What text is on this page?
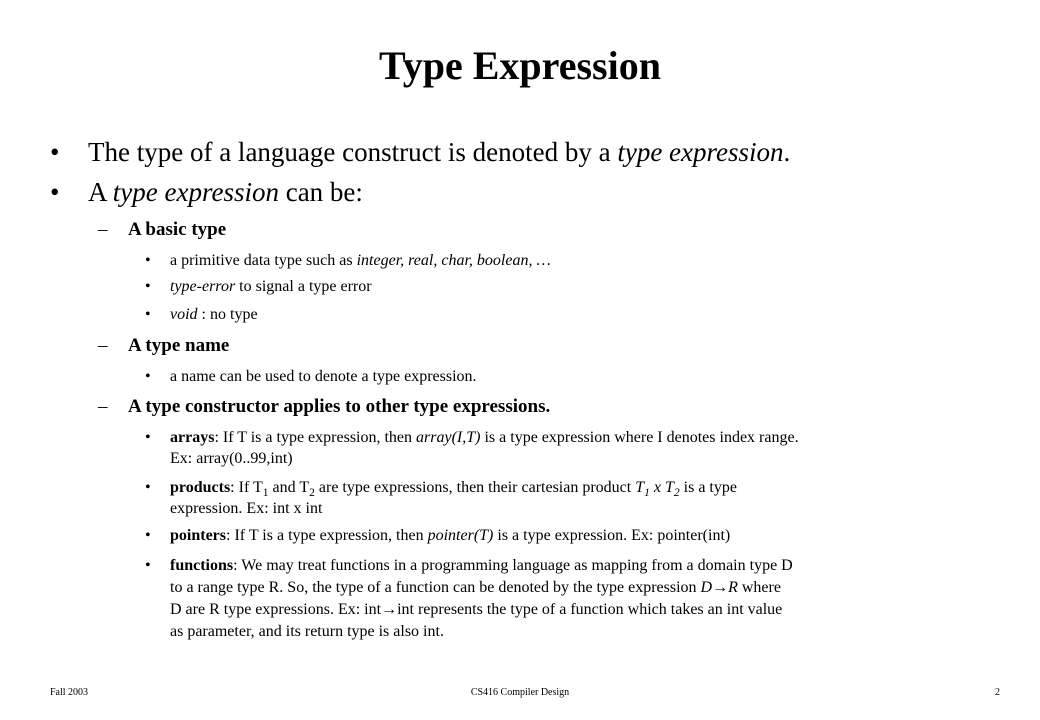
Type Expression
• The type of a language construct is denoted by a type expression.
• A type expression can be:
– A basic type
• a primitive data type such as integer, real, char, boolean, …
• type-error to signal a type error
• void : no type
– A type name
• a name can be used to denote a type expression.
– A type constructor applies to other type expressions.
• arrays: If T is a type expression, then array(I,T) is a type expression where I denotes index range.
Ex: array(0..99,int)
• products: If $T_1$ and $T_2$ are type expressions, then their cartesian product $T_1$ x $T_2$ is a type
expression. Ex: int x int
• pointers: If T is a type expression, then pointer(T) is a type expression. Ex: pointer(int)
• functions: We may treat functions in a programming language as mapping from a domain type D
to a range type R. So, the type of a function can be denoted by the type expression D→R where
D are R type expressions. Ex: int→int represents the type of a function which takes an int value
as parameter, and its return type is also int.
Fall 2003	CS416 Compiler Design	2
